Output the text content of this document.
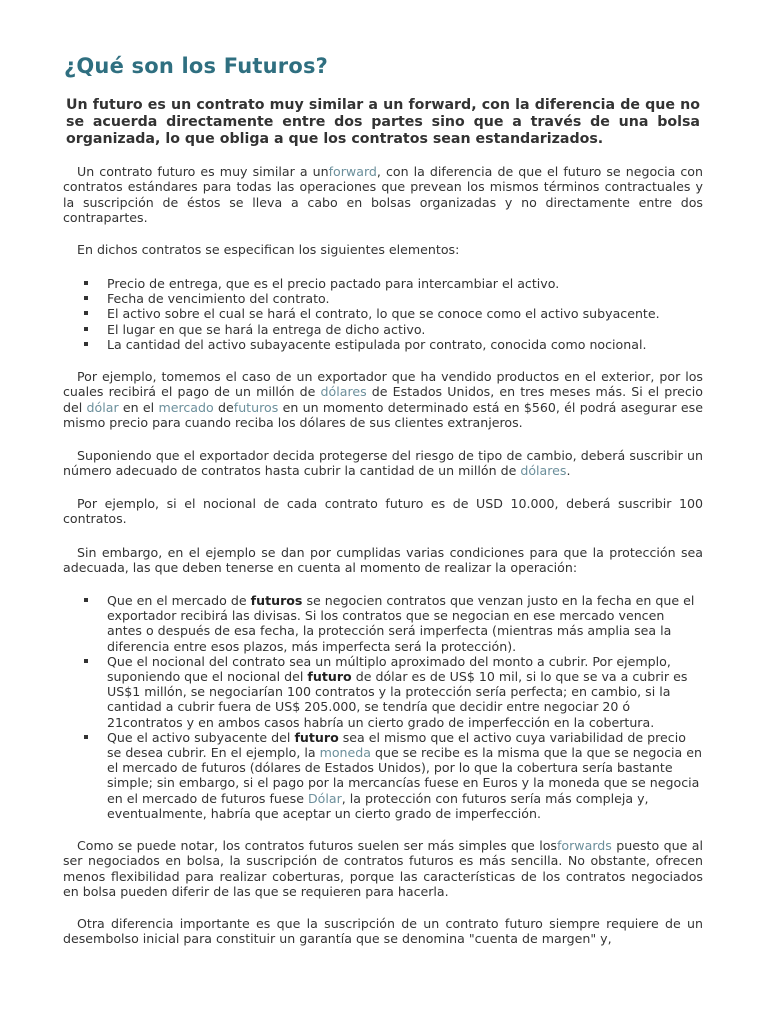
¿Qué son los Futuros?

Un futuro es un contrato muy similar a un forward, con la diferencia de que no se acuerda directamente entre dos partes sino que a través de una bolsa organizada, lo que obliga a que los contratos sean estandarizados.

Un contrato futuro es muy similar a unforward, con la diferencia de que el futuro se negocia con contratos estándares para todas las operaciones que prevean los mismos términos contractuales y la suscripción de éstos se lleva a cabo en bolsas organizadas y no directamente entre dos contrapartes.

En dichos contratos se especifican los siguientes elementos:

Precio de entrega, que es el precio pactado para intercambiar el activo.
Fecha de vencimiento del contrato.
El activo sobre el cual se hará el contrato, lo que se conoce como el activo subyacente.
El lugar en que se hará la entrega de dicho activo.
La cantidad del activo subayacente estipulada por contrato, conocida como nocional.

Por ejemplo, tomemos el caso de un exportador que ha vendido productos en el exterior, por los cuales recibirá el pago de un millón de dólares de Estados Unidos, en tres meses más. Si el precio del dólar en el mercado defuturos en un momento determinado está en $560, él podrá asegurar ese mismo precio para cuando reciba los dólares de sus clientes extranjeros.

Suponiendo que el exportador decida protegerse del riesgo de tipo de cambio, deberá suscribir un número adecuado de contratos hasta cubrir la cantidad de un millón de dólares.

Por ejemplo, si el nocional de cada contrato futuro es de USD 10.000, deberá suscribir 100 contratos.

Sin embargo, en el ejemplo se dan por cumplidas varias condiciones para que la protección sea adecuada, las que deben tenerse en cuenta al momento de realizar la operación:

Que en el mercado de futuros se negocien contratos que venzan justo en la fecha en que el exportador recibirá las divisas. Si los contratos que se negocian en ese mercado vencen antes o después de esa fecha, la protección será imperfecta (mientras más amplia sea la diferencia entre esos plazos, más imperfecta será la protección).
Que el nocional del contrato sea un múltiplo aproximado del monto a cubrir. Por ejemplo, suponiendo que el nocional del futuro de dólar es de US$ 10 mil, si lo que se va a cubrir es US$1 millón, se negociarían 100 contratos y la protección sería perfecta; en cambio, si la cantidad a cubrir fuera de US$ 205.000, se tendría que decidir entre negociar 20 ó 21contratos y en ambos casos habría un cierto grado de imperfección en la cobertura.
Que el activo subyacente del futuro sea el mismo que el activo cuya variabilidad de precio se desea cubrir. En el ejemplo, la moneda que se recibe es la misma que la que se negocia en el mercado de futuros (dólares de Estados Unidos), por lo que la cobertura sería bastante simple; sin embargo, si el pago por la mercancías fuese en Euros y la moneda que se negocia en el mercado de futuros fuese Dólar, la protección con futuros sería más compleja y, eventualmente, habría que aceptar un cierto grado de imperfección.

Como se puede notar, los contratos futuros suelen ser más simples que losforwards puesto que al ser negociados en bolsa, la suscripción de contratos futuros es más sencilla. No obstante, ofrecen menos flexibilidad para realizar coberturas, porque las características de los contratos negociados en bolsa pueden diferir de las que se requieren para hacerla.

Otra diferencia importante es que la suscripción de un contrato futuro siempre requiere de un desembolso inicial para constituir un garantía que se denomina "cuenta de margen" y,
